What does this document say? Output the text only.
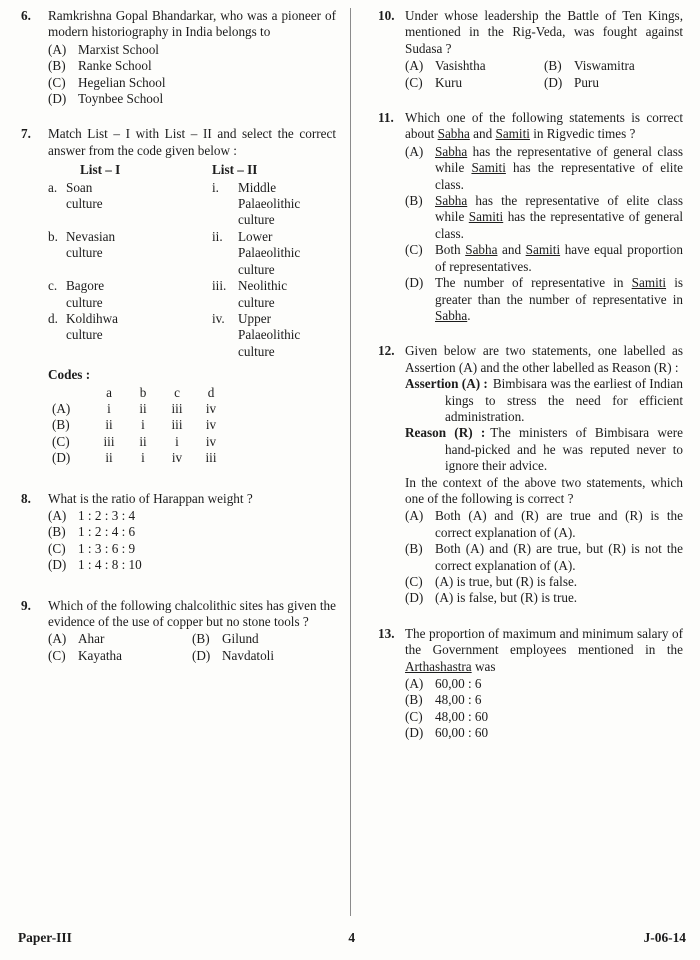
6.	Ramkrishna Gopal Bhandarkar, who was a pioneer of modern historiography in India belongs to

(A) Marxist School
(B) Ranke School
(C) Hegelian School
(D) Toynbee School
7.	Match List – I with List – II and select the correct answer from the code given below :

List – I	List – II
a. Soan	i.	Middle
culture	Palaeolithic
culture
b. Nevasian	ii.	Lower
culture	Palaeolithic
culture
c. Bagore	iii. Neolithic
culture	culture
d. Koldihwa	iv.	Upper
culture	Palaeolithic
culture
Codes :
	a	b	c	d
(A)	i	ii	iii	iv
(B)	ii	i	iii	iv
(C)	iii	ii	i	iv
(D)	ii	i	iv	iii
8.	What is the ratio of Harappan weight ?

(A) 1 : 2 : 3 : 4
(B) 1 : 2 : 4 : 6
(C) 1 : 3 : 6 : 9
(D) 1 : 4 : 8 : 10
9.	Which of the following chalcolithic sites has given the evidence of the use of copper but no stone tools ?

(A) Ahar	(B) Gilund
(C) Kayatha	(D) Navdatoli
10. Under whose leadership the Battle of Ten Kings, mentioned in the Rig-Veda, was fought against Sudasa ?

(A) Vasishtha	(B) Viswamitra
(C) Kuru	(D) Puru
11. Which one of the following statements is correct about Sabha and Samiti in Rigvedic times ?

(A) Sabha has the representative of general class while Samiti has the representative of elite class.
(B) Sabha has the representative of elite class while Samiti has the representative of general class.
(C) Both Sabha and Samiti have equal proportion of representatives.
(D) The number of representative in Samiti is greater than the number of representative in Sabha.
12. Given below are two statements, one labelled as Assertion (A) and the other labelled as Reason (R) :

Assertion (A) : Bimbisara was the earliest of Indian kings to stress the need for efficient administration.

Reason (R) : The ministers of Bimbisara were hand-picked and he was reputed never to ignore their advice.

In the context of the above two statements, which one of the following is correct ?

(A) Both (A) and (R) are true and (R) is the correct explanation of (A).
(B) Both (A) and (R) are true, but (R) is not the correct explanation of (A).
(C) (A) is true, but (R) is false.
(D) (A) is false, but (R) is true.
13. The proportion of maximum and minimum salary of the Government employees mentioned in the Arthashastra was

(A) 60,00 : 6
(B) 48,00 : 6
(C) 48,00 : 60
(D) 60,00 : 60
Paper-III	4	J-06-14
